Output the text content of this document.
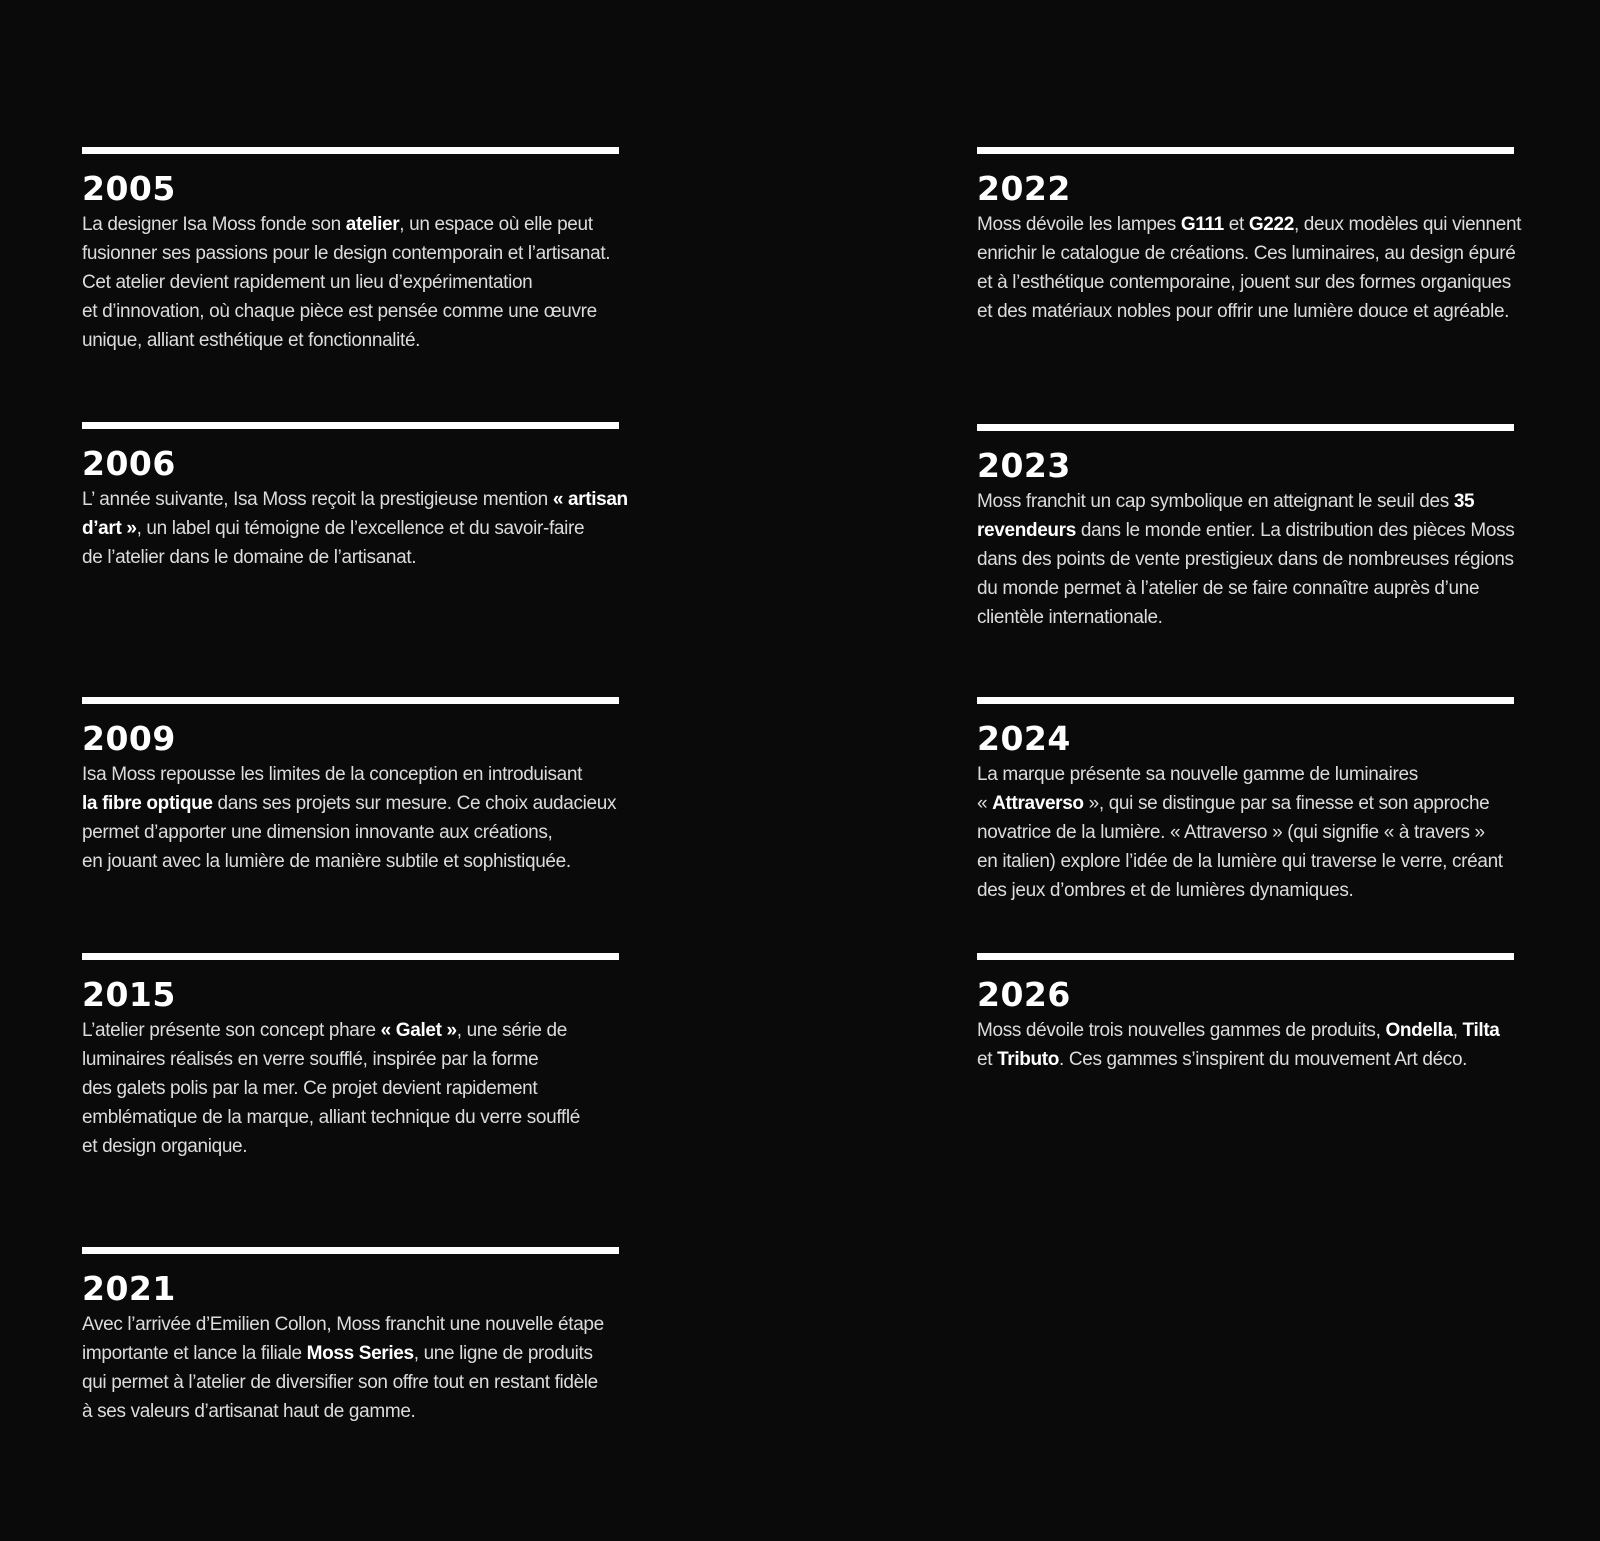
2005
La designer Isa Moss fonde son atelier, un espace où elle peut
fusionner ses passions pour le design contemporain et l’artisanat.
Cet atelier devient rapidement un lieu d’expérimentation
et d’innovation, où chaque pièce est pensée comme une œuvre
unique, alliant esthétique et fonctionnalité.
2006
L’ année suivante, Isa Moss reçoit la prestigieuse mention « artisan
d’art », un label qui témoigne de l’excellence et du savoir-faire
de l’atelier dans le domaine de l’artisanat.
2009
Isa Moss repousse les limites de la conception en introduisant
la fibre optique dans ses projets sur mesure. Ce choix audacieux
permet d’apporter une dimension innovante aux créations,
en jouant avec la lumière de manière subtile et sophistiquée.
2015
L’atelier présente son concept phare « Galet », une série de
luminaires réalisés en verre soufflé, inspirée par la forme
des galets polis par la mer. Ce projet devient rapidement
emblématique de la marque, alliant technique du verre soufflé
et design organique.
2021
Avec l’arrivée d’Emilien Collon, Moss franchit une nouvelle étape
importante et lance la filiale Moss Series, une ligne de produits
qui permet à l’atelier de diversifier son offre tout en restant fidèle
à ses valeurs d’artisanat haut de gamme.
2022
Moss dévoile les lampes G111 et G222, deux modèles qui viennent
enrichir le catalogue de créations. Ces luminaires, au design épuré
et à l’esthétique contemporaine, jouent sur des formes organiques
et des matériaux nobles pour offrir une lumière douce et agréable.
2023
Moss franchit un cap symbolique en atteignant le seuil des 35
revendeurs dans le monde entier. La distribution des pièces Moss
dans des points de vente prestigieux dans de nombreuses régions
du monde permet à l’atelier de se faire connaître auprès d’une
clientèle internationale.
2024
La marque présente sa nouvelle gamme de luminaires
« Attraverso », qui se distingue par sa finesse et son approche
novatrice de la lumière. « Attraverso » (qui signifie « à travers »
en italien) explore l’idée de la lumière qui traverse le verre, créant
des jeux d’ombres et de lumières dynamiques.
2026
Moss dévoile trois nouvelles gammes de produits, Ondella, Tilta
et Tributo. Ces gammes s’inspirent du mouvement Art déco.
